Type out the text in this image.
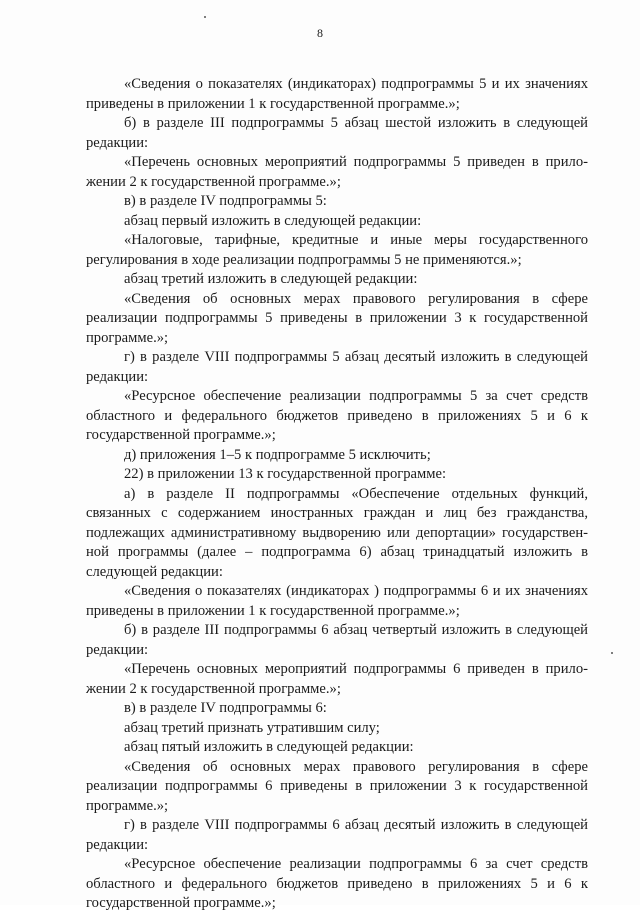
8

«Сведения о показателях (индикаторах) подпрограммы 5 и их значениях приведены в приложении 1 к государственной программе.»;

б) в разделе III подпрограммы 5 абзац шестой изложить в следующей редакции:

«Перечень основных мероприятий подпрограммы 5 приведен в приложении 2 к государственной программе.»;

в) в разделе IV подпрограммы 5:

абзац первый изложить в следующей редакции:

«Налоговые, тарифные, кредитные и иные меры государственного регулирования в ходе реализации подпрограммы 5 не применяются.»;

абзац третий изложить в следующей редакции:

«Сведения об основных мерах правового регулирования в сфере реализации подпрограммы 5 приведены в приложении 3 к государственной программе.»;

г) в разделе VIII подпрограммы 5 абзац десятый изложить в следующей редакции:

«Ресурсное обеспечение реализации подпрограммы 5 за счет средств областного и федерального бюджетов приведено в приложениях 5 и 6 к государственной программе.»;

д) приложения 1–5 к подпрограмме 5 исключить;

22) в приложении 13 к государственной программе:

а) в разделе II подпрограммы «Обеспечение отдельных функций, связанных с содержанием иностранных граждан и лиц без гражданства, подлежащих административному выдворению или депортации» государственной программы (далее – подпрограмма 6) абзац тринадцатый изложить в следующей редакции:

«Сведения о показателях (индикаторах ) подпрограммы 6 и их значениях приведены в приложении 1 к государственной программе.»;

б) в разделе III подпрограммы 6 абзац четвертый изложить в следующей редакции:

«Перечень основных мероприятий подпрограммы 6 приведен в приложении 2 к государственной программе.»;

в) в разделе IV подпрограммы 6:

абзац третий признать утратившим силу;

абзац пятый изложить в следующей редакции:

«Сведения об основных мерах правового регулирования в сфере реализации подпрограммы 6 приведены в приложении 3 к государственной программе.»;

г) в разделе VIII подпрограммы 6 абзац десятый изложить в следующей редакции:

«Ресурсное обеспечение реализации подпрограммы 6 за счет средств областного и федерального бюджетов приведено в приложениях 5 и 6 к государственной программе.»;
